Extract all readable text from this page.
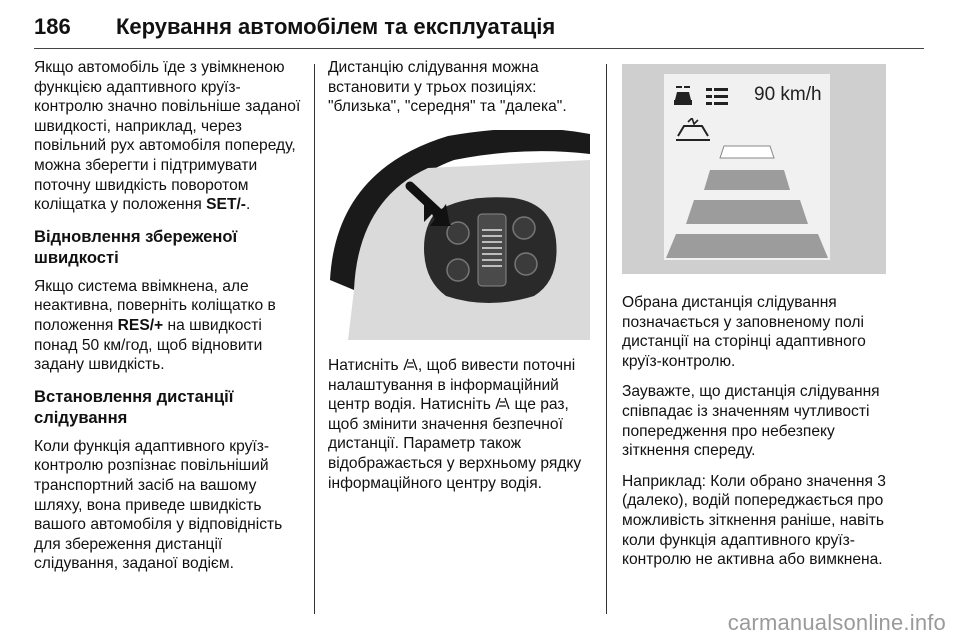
186 Керування автомобілем та експлуатація

Якщо автомобіль їде з увімкненою функцією адаптивного круїз-контролю значно повільніше заданої швидкості, наприклад, через повільний рух автомобіля попереду, можна зберегти і підтримувати поточну швидкість поворотом коліщатка у положення SET/-.

Відновлення збереженої швидкості

Якщо система ввімкнена, але неактивна, поверніть коліщатко в положення RES/+ на швидкості понад 50 км/год, щоб відновити задану швидкість.

Встановлення дистанції слідування

Коли функція адаптивного круїз-контролю розпізнає повільніший транспортний засіб на вашому шляху, вона приведе швидкість вашого автомобіля у відповідність для збереження дистанції слідування, заданої водієм.

Дистанцію слідування можна встановити у трьох позиціях: "близька", "середня" та "далека".

Натисніть , щоб вивести поточні налаштування в інформаційний центр водія. Натисніть  ще раз, щоб змінити значення безпечної дистанції. Параметр також відображається у верхньому рядку інформаційного центру водія.

90 km/h

Обрана дистанція слідування позначається у заповненому полі дистанції на сторінці адаптивного круїз-контролю.

Зауважте, що дистанція слідування співпадає із значенням чутливості попередження про небезпеку зіткнення спереду.

Наприклад: Коли обрано значення 3 (далеко), водій попереджається про можливість зіткнення раніше, навіть коли функція адаптивного круїз-контролю не активна або вимкнена.

carmanualsonline.info
